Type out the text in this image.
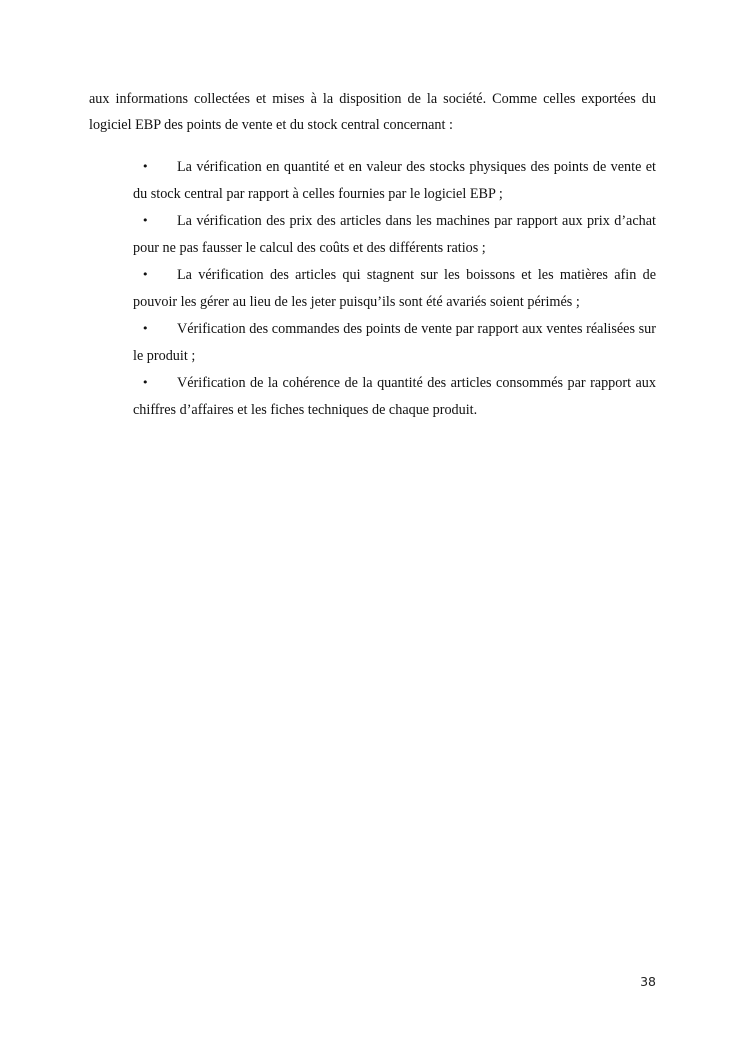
aux informations collectées et mises à la disposition de la société. Comme celles exportées du logiciel EBP des points de vente et du stock central concernant :

• La vérification en quantité et en valeur des stocks physiques des points de vente et du stock central par rapport à celles fournies par le logiciel EBP ;
• La vérification des prix des articles dans les machines par rapport aux prix d’achat pour ne pas fausser le calcul des coûts et des différents ratios ;
• La vérification des articles qui stagnent sur les boissons et les matières afin de pouvoir les gérer au lieu de les jeter puisqu’ils sont été avariés soient périmés ;
• Vérification des commandes des points de vente par rapport aux ventes réalisées sur le produit ;
• Vérification de la cohérence de la quantité des articles consommés par rapport aux chiffres d’affaires et les fiches techniques de chaque produit.
38
